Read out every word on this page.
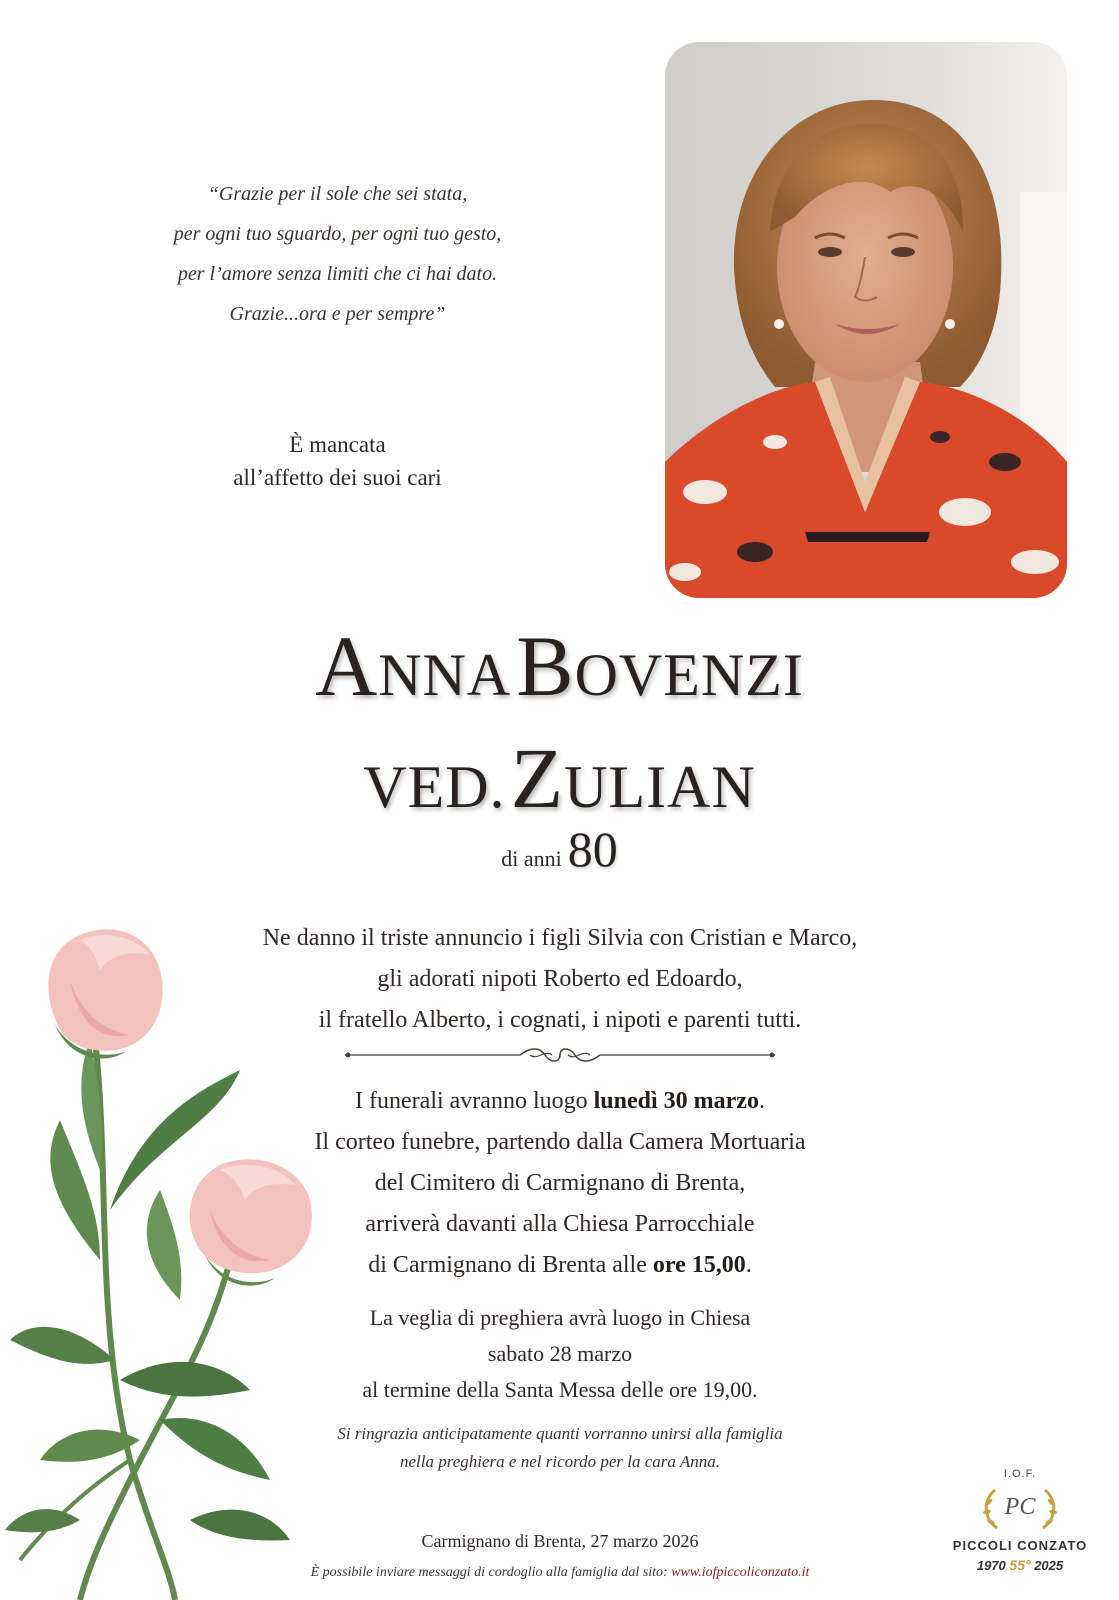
“Grazie per il sole che sei stata,
per ogni tuo sguardo, per ogni tuo gesto,
per l’amore senza limiti che ci hai dato.
Grazie...ora e per sempre”
È mancata
all’affetto dei suoi cari
ANNA BOVENZI
VED. ZULIAN
di anni 80
Ne danno il triste annuncio i figli Silvia con Cristian e Marco,
gli adorati nipoti Roberto ed Edoardo,
il fratello Alberto, i cognati, i nipoti e parenti tutti.
I funerali avranno luogo lunedì 30 marzo.
Il corteo funebre, partendo dalla Camera Mortuaria
del Cimitero di Carmignano di Brenta,
arriverà davanti alla Chiesa Parrocchiale
di Carmignano di Brenta alle ore 15,00.
La veglia di preghiera avrà luogo in Chiesa
sabato 28 marzo
al termine della Santa Messa delle ore 19,00.
Si ringrazia anticipatamente quanti vorranno unirsi alla famiglia
nella preghiera e nel ricordo per la cara Anna.
Carmignano di Brenta, 27 marzo 2026
È possibile inviare messaggi di cordoglio alla famiglia dal sito: www.iofpiccoliconzato.it
I.O.F.
PC
PICCOLI CONZATO
1970 55° 2025
